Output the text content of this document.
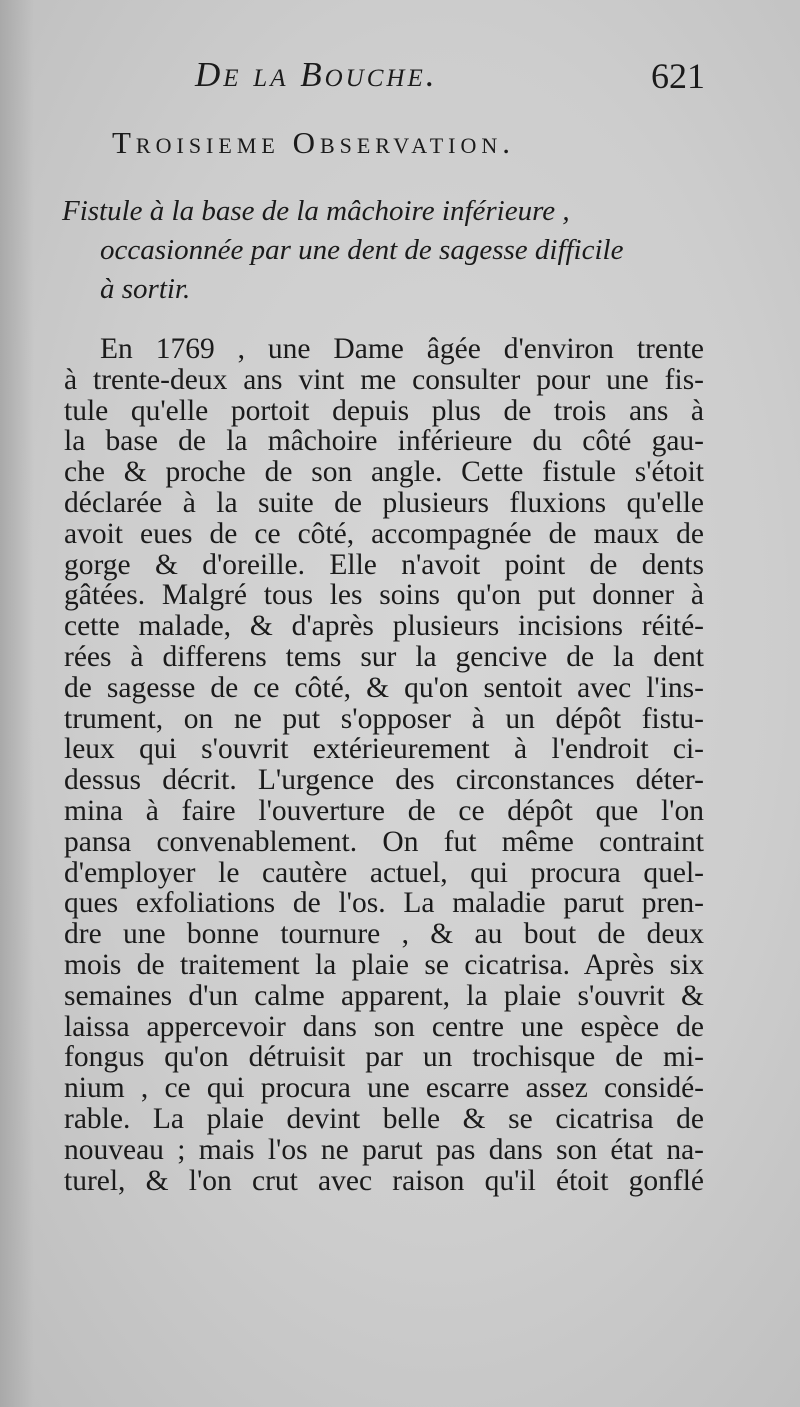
De la Bouche.	621
Troisieme Observation.
Fistule à la base de la mâchoire inférieure ,
occasionnée par une dent de sagesse difficile
à sortir.
En 1769 , une Dame âgée d'environ trente
à trente-deux ans vint me consulter pour une fis-
tule qu'elle portoit depuis plus de trois ans à
la base de la mâchoire inférieure du côté gau-
che & proche de son angle. Cette fistule s'étoit
déclarée à la suite de plusieurs fluxions qu'elle
avoit eues de ce côté, accompagnée de maux de
gorge & d'oreille. Elle n'avoit point de dents
gâtées. Malgré tous les soins qu'on put donner à
cette malade, & d'après plusieurs incisions réité-
rées à differens tems sur la gencive de la dent
de sagesse de ce côté, & qu'on sentoit avec l'ins-
trument, on ne put s'opposer à un dépôt fistu-
leux qui s'ouvrit extérieurement à l'endroit ci-
dessus décrit. L'urgence des circonstances déter-
mina à faire l'ouverture de ce dépôt que l'on
pansa convenablement. On fut même contraint
d'employer le cautère actuel, qui procura quel-
ques exfoliations de l'os. La maladie parut pren-
dre une bonne tournure , & au bout de deux
mois de traitement la plaie se cicatrisa. Après six
semaines d'un calme apparent, la plaie s'ouvrit &
laissa appercevoir dans son centre une espèce de
fongus qu'on détruisit par un trochisque de mi-
nium , ce qui procura une escarre assez considé-
rable. La plaie devint belle & se cicatrisa de
nouveau ; mais l'os ne parut pas dans son état na-
turel, & l'on crut avec raison qu'il étoit gonflé
